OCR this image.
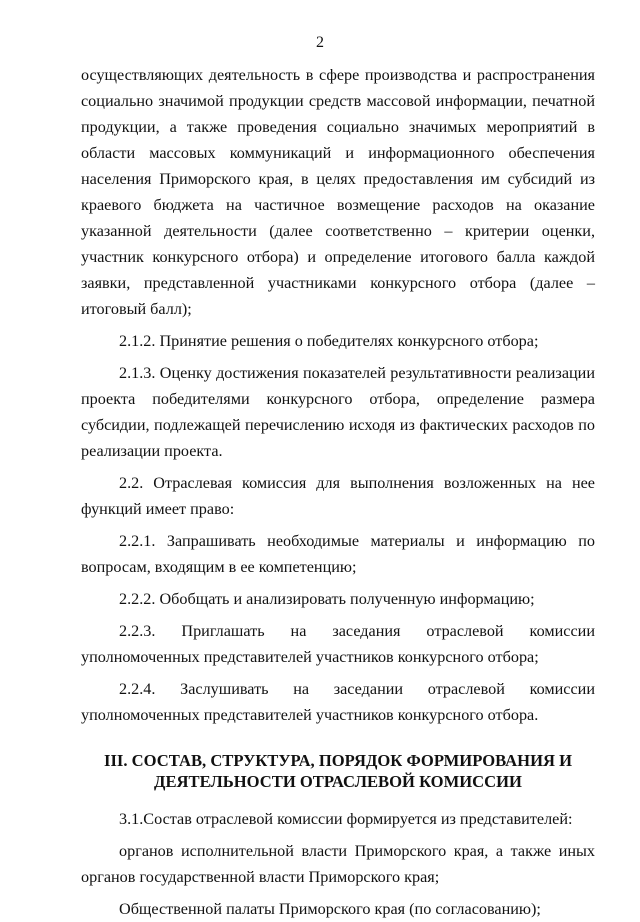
2

осуществляющих деятельность в сфере производства и распространения социально значимой продукции средств массовой информации, печатной продукции, а также проведения социально значимых мероприятий в области массовых коммуникаций и информационного обеспечения населения Приморского края, в целях предоставления им субсидий из краевого бюджета на частичное возмещение расходов на оказание указанной деятельности (далее соответственно – критерии оценки, участник конкурсного отбора) и определение итогового балла каждой заявки, представленной участниками конкурсного отбора (далее – итоговый балл);

2.1.2. Принятие решения о победителях конкурсного отбора;

2.1.3. Оценку достижения показателей результативности реализации проекта победителями конкурсного отбора, определение размера субсидии, подлежащей перечислению исходя из фактических расходов по реализации проекта.

2.2. Отраслевая комиссия для выполнения возложенных на нее функций имеет право:

2.2.1. Запрашивать необходимые материалы и информацию по вопросам, входящим в ее компетенцию;

2.2.2. Обобщать и анализировать полученную информацию;

2.2.3. Приглашать на заседания отраслевой комиссии уполномоченных представителей участников конкурсного отбора;

2.2.4. Заслушивать на заседании отраслевой комиссии уполномоченных представителей участников конкурсного отбора.

III. СОСТАВ, СТРУКТУРА, ПОРЯДОК ФОРМИРОВАНИЯ И
ДЕЯТЕЛЬНОСТИ ОТРАСЛЕВОЙ КОМИССИИ

3.1.Состав отраслевой комиссии формируется из представителей:

органов исполнительной власти Приморского края, а также иных органов государственной власти Приморского края;

Общественной палаты Приморского края (по согласованию);
